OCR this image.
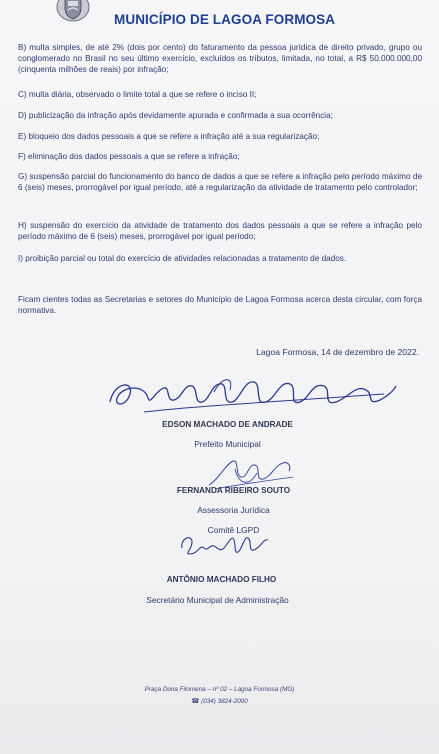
MUNICÍPIO DE LAGOA FORMOSA

B) multa simples, de até 2% (dois por cento) do faturamento da pessoa jurídica de direito privado, grupo ou conglomerado no Brasil no seu último exercício, excluídos os tributos, limitada, no total, a R$ 50.000.000,00 (cinquenta milhões de reais) por infração;

C) multa diária, observado o limite total a que se refere o inciso II;

D) publicização da infração após devidamente apurada e confirmada a sua ocorrência;

E) bloqueio dos dados pessoais a que se refere a infração até a sua regularização;

F) eliminação dos dados pessoais a que se refere a infração;

G) suspensão parcial do funcionamento do banco de dados a que se refere a infração pelo período máximo de 6 (seis) meses, prorrogável por igual período, até a regularização da atividade de tratamento pelo controlador;

H) suspensão do exercício da atividade de tratamento dos dados pessoais a que se refere a infração pelo período máximo de 6 (seis) meses, prorrogável por igual período;

I) proibição parcial ou total do exercício de atividades relacionadas a tratamento de dados.

Ficam cientes todas as Secretarias e setores do Município de Lagoa Formosa acerca desta circular, com força normativa.

Lagoa Formosa, 14 de dezembro de 2022.
EDSON MACHADO DE ANDRADE
Prefeito Municipal
FERNANDA RIBEIRO SOUTO
Assessoria Jurídica
Comitê LGPD
ANTÔNIO MACHADO FILHO
Secretário Municipal de Administração
Praça Dona Filomena – nº 02 – Lagoa Formosa (MG)
☎ (034) 3824-2000
